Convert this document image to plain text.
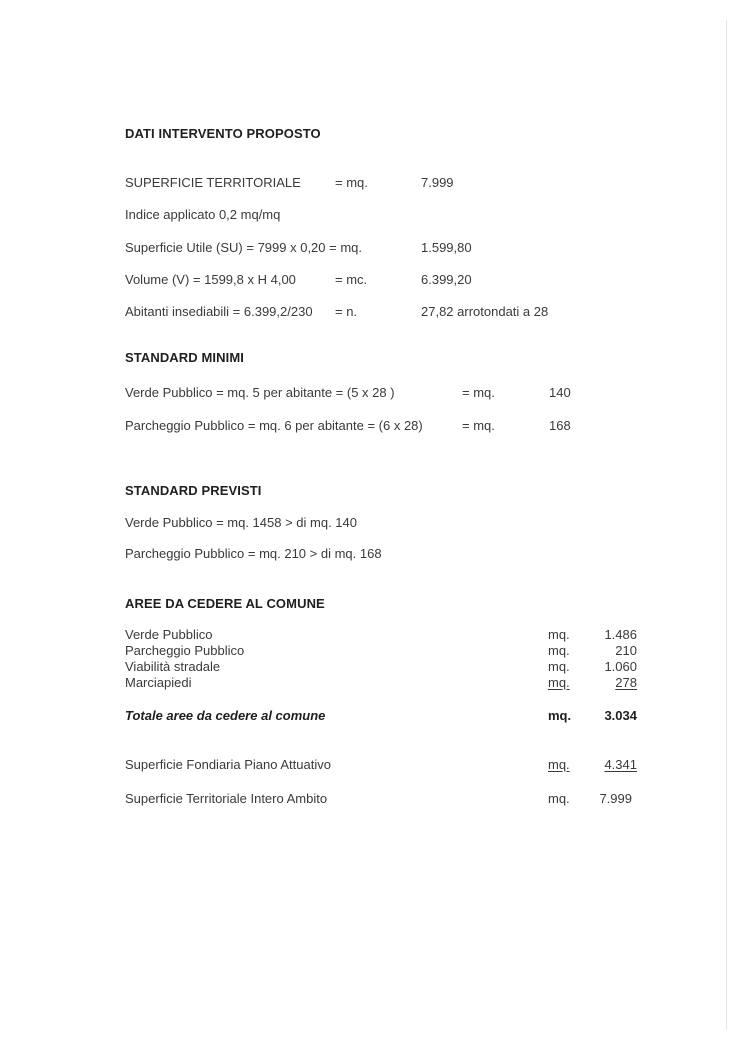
DATI INTERVENTO PROPOSTO
SUPERFICIE TERRITORIALE	= mq.	7.999
Indice applicato 0,2 mq/mq
Superficie Utile (SU) = 7999 x 0,20 = mq.	1.599,80
Volume (V) = 1599,8 x H 4,00	= mc.	6.399,20
Abitanti insediabili = 6.399,2/230 = n.	27,82 arrotondati a 28
STANDARD MINIMI
Verde Pubblico = mq. 5 per abitante = (5 x 28 )	= mq.	140
Parcheggio Pubblico = mq. 6 per abitante = (6 x 28)	= mq.	168
STANDARD PREVISTI
Verde Pubblico = mq. 1458 > di mq. 140
Parcheggio Pubblico = mq. 210 > di mq. 168
AREE DA CEDERE AL COMUNE
Verde Pubblico	mq.	1.486
Parcheggio Pubblico	mq.	210
Viabilità stradale	mq.	1.060
Marciapiedi	mq.	278
Totale aree da cedere al comune	mq.	3.034
Superficie Fondiaria Piano Attuativo	mq.	4.341
Superficie Territoriale Intero Ambito	mq.	7.999
